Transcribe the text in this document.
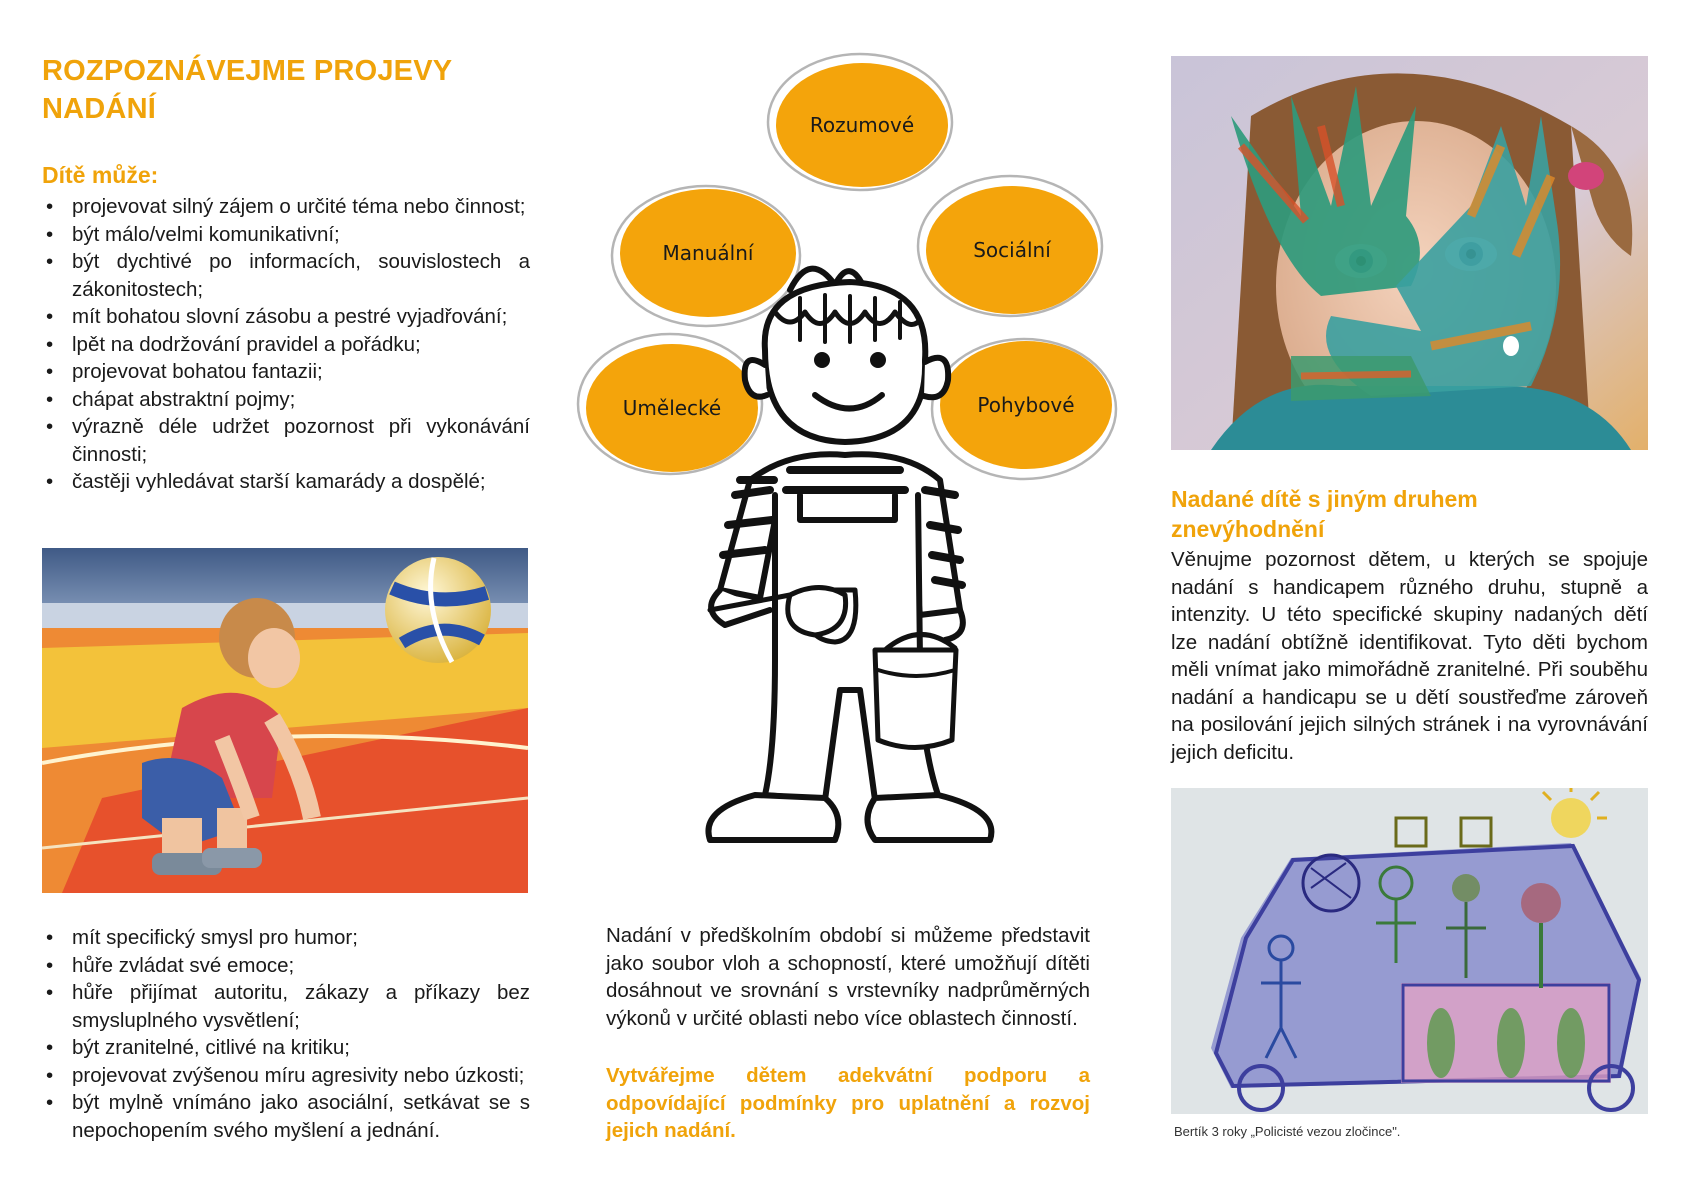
ROZPOZNÁVEJME PROJEVY NADÁNÍ
Dítě může:
• projevovat silný zájem o určité téma nebo činnost;
• být málo/velmi komunikativní;
• být dychtivé po informacích, souvislostech a zákonitostech;
• mít bohatou slovní zásobu a pestré vyjadřování;
• lpět na dodržování pravidel a pořádku;
• projevovat bohatou fantazii;
• chápat abstraktní pojmy;
• výrazně déle udržet pozornost při vykonávání činnosti;
• častěji vyhledávat starší kamarády a dospělé;
• mít specifický smysl pro humor;
• hůře zvládat své emoce;
• hůře přijímat autoritu, zákazy a příkazy bez smysluplného vysvětlení;
• být zranitelné, citlivé na kritiku;
• projevovat zvýšenou míru agresivity nebo úzkosti;
• být mylně vnímáno jako asociální, setkávat se s nepochopením svého myšlení a jednání.
Rozumové
Manuální	Sociální
Umělecké	Pohybové
Nadání v předškolním období si můžeme představit jako soubor vloh a schopností, které umožňují dítěti dosáhnout ve srovnání s vrstevníky nadprůměrných výkonů v určité oblasti nebo více oblastech činností.
Vytvářejme dětem adekvátní podporu a odpovídající podmínky pro uplatnění a rozvoj jejich nadání.
Nadané dítě s jiným druhem znevýhodnění
Věnujme pozornost dětem, u kterých se spojuje nadání s handicapem různého druhu, stupně a intenzity. U této specifické skupiny nadaných dětí lze nadání obtížně identifikovat. Tyto děti bychom měli vnímat jako mimořádně zranitelné. Při souběhu nadání a handicapu se u dětí soustřeďme zároveň na posilování jejich silných stránek i na vyrovnávání jejich deficitu.
Bertík 3 roky „Policisté vezou zločince".
